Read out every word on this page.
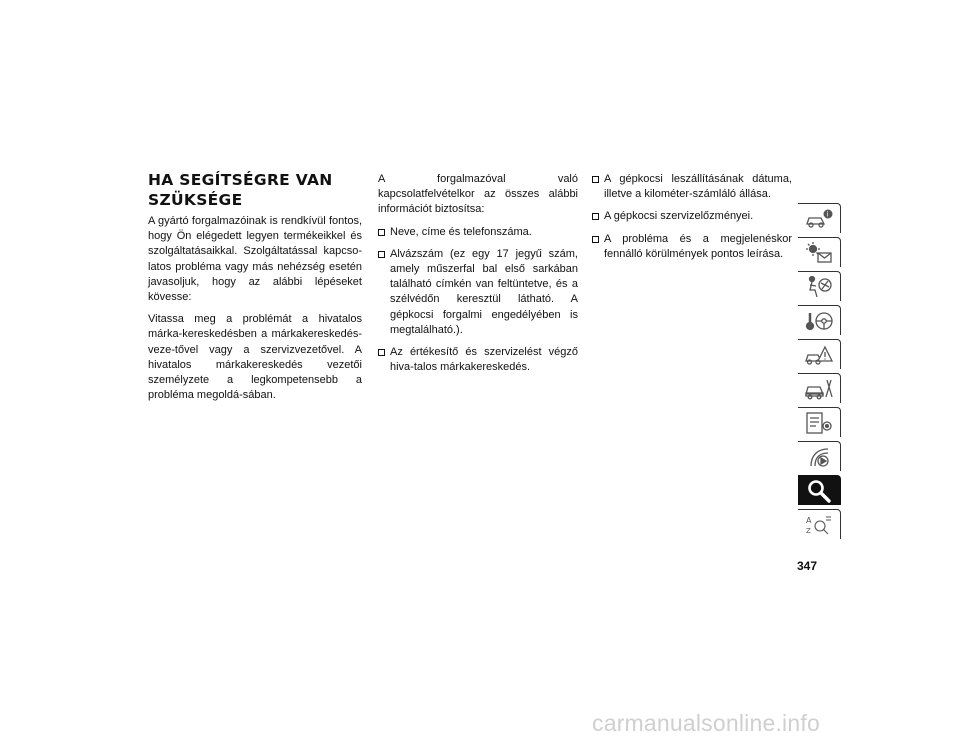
HA SEGÍTSÉGRE VAN SZÜKSÉGE

A gyártó forgalmazóinak is rendkívül fontos, hogy Ön elégedett legyen termékeikkel és szolgáltatásaikkal. Szolgáltatással kapcso-latos probléma vagy más nehézség esetén javasoljuk, hogy az alábbi lépéseket kövesse:

Vitassa meg a problémát a hivatalos márka-kereskedésben a márkakereskedés-veze-tővel vagy a szervizvezetővel. A hivatalos márkakereskedés vezetői személyzete a legkompetensebb a probléma megoldá-sában.

A forgalmazóval való kapcsolatfelvételkor az összes alábbi információt biztosítsa:

Neve, címe és telefonszáma.
Alvázszám (ez egy 17 jegyű szám, amely műszerfal bal első sarkában található címkén van feltüntetve, és a szélvédőn keresztül látható. A gépkocsi forgalmi engedélyében is megtalálható.).
Az értékesítő és szervizelést végző hiva-talos márkakereskedés.
A gépkocsi leszállításának dátuma, illetve a kilométer-számláló állása.
A gépkocsi szervizelőzményei.
A probléma és a megjelenéskor fennálló körülmények pontos leírása.
i
A
Z
347
carmanualsonline.info
